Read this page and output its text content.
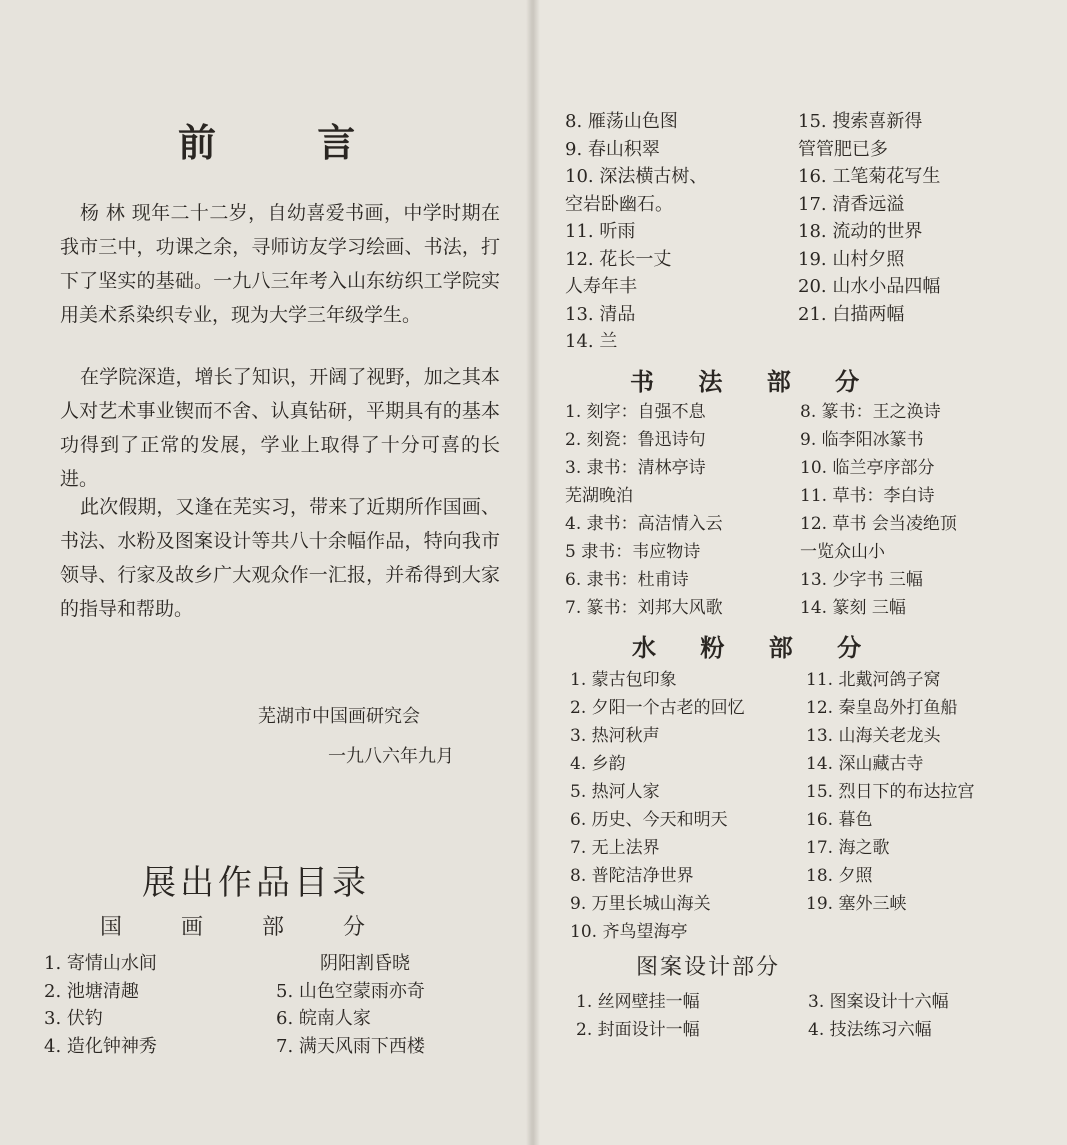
前 言
杨 林 现年二十二岁，自幼喜爱书画，中学时期在我市三中，功课之余，寻师访友学习绘画、书法，打下了坚实的基础。一九八三年考入山东纺织工学院实用美术系染织专业，现为大学三年级学生。
在学院深造，增长了知识，开阔了视野，加之其本人对艺术事业锲而不舍、认真钻研，平期具有的基本功得到了正常的发展，学业上取得了十分可喜的长进。
此次假期，又逢在芜实习，带来了近期所作国画、书法、水粉及图案设计等共八十余幅作品，特向我市领导、行家及故乡广大观众作一汇报，并希得到大家的指导和帮助。
芜湖市中国画研究会
一九八六年九月
展出作品目录
国 画 部 分
1. 寄情山水间
2. 池塘清趣
3. 伏钓
4. 造化钟神秀
阴阳割昏晓
5. 山色空蒙雨亦奇
6. 皖南人家
7. 满天风雨下西楼
8. 雁荡山色图
9. 春山积翠
10. 深法横古树、
空岩卧幽石。
11. 听雨
12. 花长一丈
人寿年丰
13. 清品
14. 兰
15. 搜索喜新得
管管肥已多
16. 工笔菊花写生
17. 清香远溢
18. 流动的世界
19. 山村夕照
20. 山水小品四幅
21. 白描两幅
书 法 部 分
1. 刻字：自强不息
2. 刻瓷：鲁迅诗句
3. 隶书：清林亭诗
芜湖晚泊
4. 隶书：高洁情入云
5 隶书：韦应物诗
6. 隶书：杜甫诗
7. 篆书：刘邦大风歌
8. 篆书：王之涣诗
9. 临李阳冰篆书
10. 临兰亭序部分
11. 草书：李白诗
12. 草书 会当凌绝顶
一览众山小
13. 少字书 三幅
14. 篆刻 三幅
水 粉 部 分
1. 蒙古包印象
2. 夕阳一个古老的回忆
3. 热河秋声
4. 乡韵
5. 热河人家
6. 历史、今天和明天
7. 无上法界
8. 普陀洁净世界
9. 万里长城山海关
10. 齐鸟望海亭
11. 北戴河鸽子窝
12. 秦皇岛外打鱼船
13. 山海关老龙头
14. 深山藏古寺
15. 烈日下的布达拉宫
16. 暮色
17. 海之歌
18. 夕照
19. 塞外三峡
图案设计部分
1. 丝网壁挂一幅
2. 封面设计一幅
3. 图案设计十六幅
4. 技法练习六幅
